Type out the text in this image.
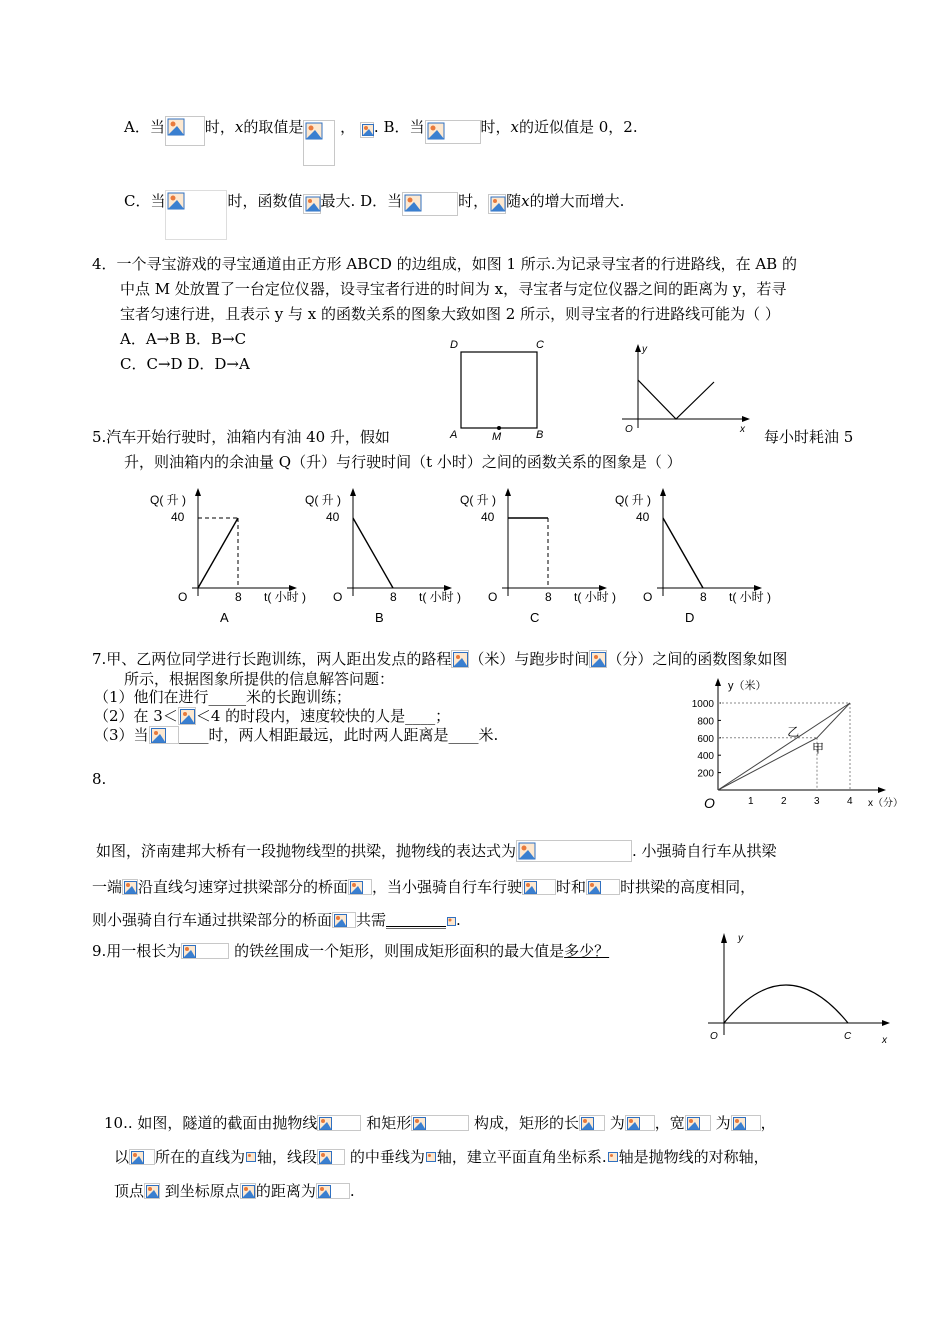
A．当	时，x的取值是 ， . B．当	时，x的近似值是 0，2.
C．当	时，函数值 最大. D．当	时， 随x的增大而增大.
4．一个寻宝游戏的寻宝通道由正方形 ABCD 的边组成，如图 1 所示.为记录寻宝者的行进路线，在 AB 的
中点 M 处放置了一台定位仪器，设寻宝者行进的时间为 x，寻宝者与定位仪器之间的距离为 y，若寻
宝者匀速行进，且表示 y 与 x 的函数关系的图象大致如图 2 所示，则寻宝者的行进路线可能为（ ）
A．A→B B．B→C
C．C→D D．D→A
D	C
A	M	B
y
O	x
5.汽车开始行驶时，油箱内有油 40 升，假如	每小时耗油 5
升，则油箱内的余油量 Q（升）与行驶时间（t 小时）之间的函数关系的图象是（ ）
Q( 升 )
40
O	8 t( 小时 )
A
Q( 升 )
40
O	8 t( 小时 )
B
Q( 升 )
40
O	8 t( 小时 )
C
Q( 升 )
40
O	8 t( 小时 )
D
7.甲、乙两位同学进行长跑训练，两人距出发点的路程 （米）与跑步时间 （分）之间的函数图象如图
所示，根据图象所提供的信息解答问题：
（1）他们在进行_____米的长跑训练；
（2）在 3＜ ＜4 的时段内，速度较快的人是____；
（3）当 ____时，两人相距最远，此时两人距离是____米.
y（米）
1000
800
600
400
200
1	2	3	4
O	x（分）
乙
甲
8.
如图，济南建邦大桥有一段抛物线型的拱梁，抛物线的表达式为	. 小强骑自行车从拱梁
一端 沿直线匀速穿过拱梁部分的桥面 ，当小强骑自行车行驶 时和 时拱梁的高度相同，
则小强骑自行车通过拱梁部分的桥面 共需________ .
9.用一根长为	的铁丝围成一个矩形，则围成矩形面积的最大值是多少？
y
O	C	x
10.. 如图，隧道的截面由抛物线	和矩形	构成，矩形的长 为 ，宽 为 ，
以 所在的直线为 轴，线段 的中垂线为 轴，建立平面直角坐标系. 轴是抛物线的对称轴，
顶点 到坐标原点 的距离为 .
